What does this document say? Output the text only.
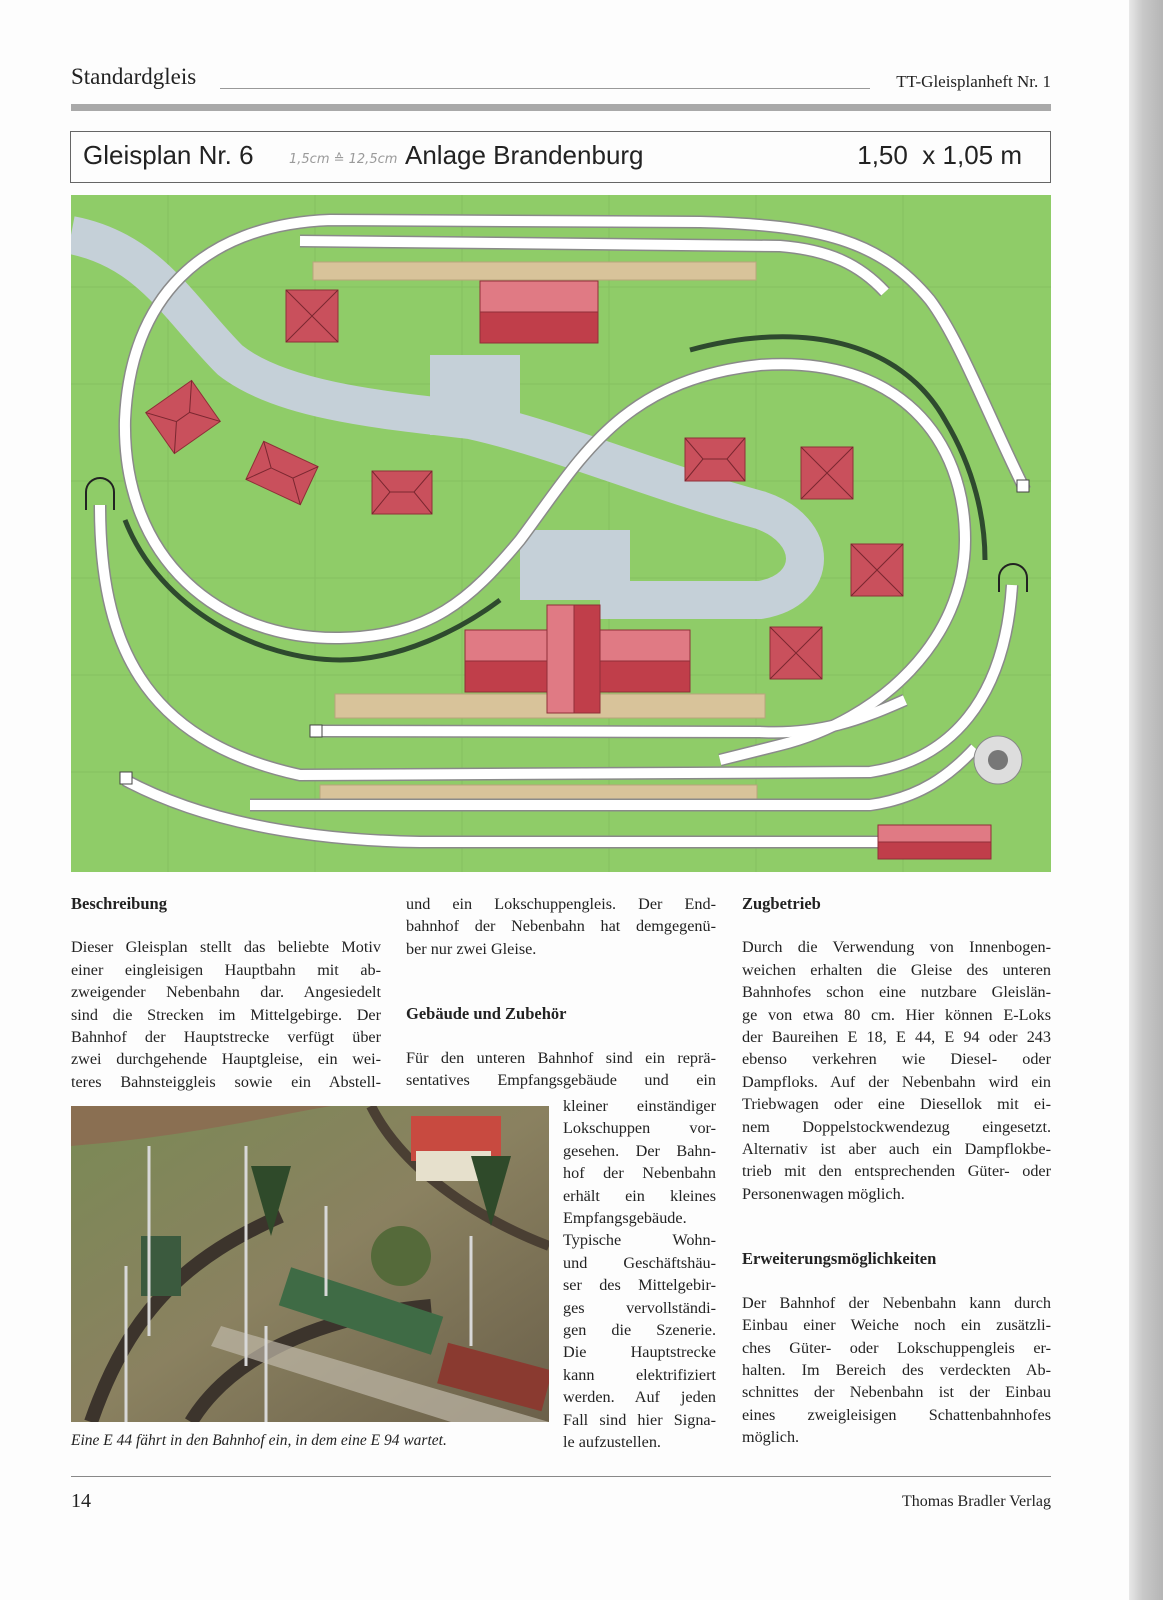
Standardgleis	TT-Gleisplanheft Nr. 1
Gleisplan Nr. 6	1,5cm ≙ 12,5cm Anlage Brandenburg	1,50  x 1,05 m
Beschreibung
Dieser Gleisplan stellt das beliebte Motiv
einer eingleisigen Hauptbahn mit ab-
zweigender Nebenbahn dar. Angesiedelt
sind die Strecken im Mittelgebirge. Der
Bahnhof der Hauptstrecke verfügt über
zwei durchgehende Hauptgleise, ein wei-
teres Bahnsteiggleis sowie ein Abstell-
und ein Lokschuppengleis. Der End-
bahnhof der Nebenbahn hat demgegenü-
ber nur zwei Gleise.
Gebäude und Zubehör
Für den unteren Bahnhof sind ein reprä-
sentatives Empfangsgebäude und ein
kleiner einständiger
Lokschuppen vor-
gesehen. Der Bahn-
hof der Nebenbahn
erhält ein kleines
Empfangsgebäude.
Typische Wohn-
und Geschäftshäu-
ser des Mittelgebir-
ges vervollständi-
gen die Szenerie.
Die Hauptstrecke
kann elektrifiziert
werden. Auf jeden
Fall sind hier Signa-
le aufzustellen.
Zugbetrieb
Durch die Verwendung von Innenbogen-
weichen erhalten die Gleise des unteren
Bahnhofes schon eine nutzbare Gleislän-
ge von etwa 80 cm. Hier können E-Loks
der Baureihen E 18, E 44, E 94 oder 243
ebenso verkehren wie Diesel- oder
Dampfloks. Auf der Nebenbahn wird ein
Triebwagen oder eine Diesellok mit ei-
nem Doppelstockwendezug eingesetzt.
Alternativ ist aber auch ein Dampflokbe-
trieb mit den entsprechenden Güter- oder
Personenwagen möglich.
Erweiterungsmöglichkeiten
Der Bahnhof der Nebenbahn kann durch
Einbau einer Weiche noch ein zusätzli-
ches Güter- oder Lokschuppengleis er-
halten. Im Bereich des verdeckten Ab-
schnittes der Nebenbahn ist der Einbau
eines zweigleisigen Schattenbahnhofes
möglich.
Eine E 44 fährt in den Bahnhof ein, in dem eine E 94 wartet.
14	Thomas Bradler Verlag
